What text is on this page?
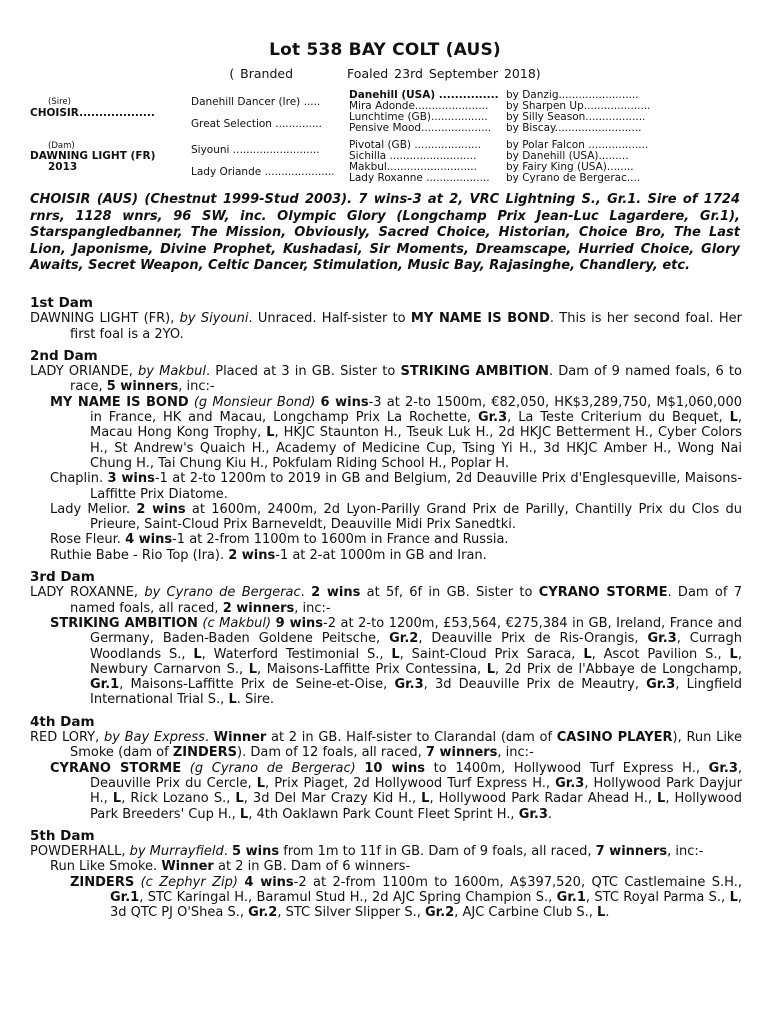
Lot 538 BAY COLT (AUS)
( Branded	Foaled 23rd September 2018)
(Sire)
CHOISIR...................
(Dam)
DAWNING LIGHT (FR)
2013
Danehill Dancer (Ire) .....
Great Selection ..............
Siyouni ..........................
Lady Oriande .....................
Danehill (USA) ...............
Mira Adonde......................
Lunchtime (GB).................
Pensive Mood.....................
Pivotal (GB) ....................
Sichilla ..........................
Makbul...........................
Lady Roxanne ...................
by Danzig........................
by Sharpen Up....................
by Silly Season..................
by Biscay..........................
by Polar Falcon ..................
by Danehill (USA).........
by Fairy King (USA)........
by Cyrano de Bergerac....
CHOISIR (AUS) (Chestnut 1999-Stud 2003). 7 wins-3 at 2, VRC Lightning S., Gr.1. Sire of 1724 rnrs, 1128 wnrs, 96 SW, inc. Olympic Glory (Longchamp Prix Jean-Luc Lagardere, Gr.1), Starspangledbanner, The Mission, Obviously, Sacred Choice, Historian, Choice Bro, The Last Lion, Japonisme, Divine Prophet, Kushadasi, Sir Moments, Dreamscape, Hurried Choice, Glory Awaits, Secret Weapon, Celtic Dancer, Stimulation, Music Bay, Rajasinghe, Chandlery, etc.
1st Dam

DAWNING LIGHT (FR), by Siyouni. Unraced. Half-sister to MY NAME IS BOND. This is her second foal. Her first foal is a 2YO.

2nd Dam

LADY ORIANDE, by Makbul. Placed at 3 in GB. Sister to STRIKING AMBITION. Dam of 9 named foals, 6 to race, 5 winners, inc:-

MY NAME IS BOND (g Monsieur Bond) 6 wins-3 at 2-to 1500m, €82,050, HK$3,289,750, M$1,060,000 in France, HK and Macau, Longchamp Prix La Rochette, Gr.3, La Teste Criterium du Bequet, L, Macau Hong Kong Trophy, L, HKJC Staunton H., Tseuk Luk H., 2d HKJC Betterment H., Cyber Colors H., St Andrew's Quaich H., Academy of Medicine Cup, Tsing Yi H., 3d HKJC Amber H., Wong Nai Chung H., Tai Chung Kiu H., Pokfulam Riding School H., Poplar H.

Chaplin. 3 wins-1 at 2-to 1200m to 2019 in GB and Belgium, 2d Deauville Prix d'Englesqueville, Maisons-Laffitte Prix Diatome.

Lady Melior. 2 wins at 1600m, 2400m, 2d Lyon-Parilly Grand Prix de Parilly, Chantilly Prix du Clos du Prieure, Saint-Cloud Prix Barneveldt, Deauville Midi Prix Sanedtki.

Rose Fleur. 4 wins-1 at 2-from 1100m to 1600m in France and Russia.

Ruthie Babe - Rio Top (Ira). 2 wins-1 at 2-at 1000m in GB and Iran.

3rd Dam

LADY ROXANNE, by Cyrano de Bergerac. 2 wins at 5f, 6f in GB. Sister to CYRANO STORME. Dam of 7 named foals, all raced, 2 winners, inc:-

STRIKING AMBITION (c Makbul) 9 wins-2 at 2-to 1200m, £53,564, €275,384 in GB, Ireland, France and Germany, Baden-Baden Goldene Peitsche, Gr.2, Deauville Prix de Ris-Orangis, Gr.3, Curragh Woodlands S., L, Waterford Testimonial S., L, Saint-Cloud Prix Saraca, L, Ascot Pavilion S., L, Newbury Carnarvon S., L, Maisons-Laffitte Prix Contessina, L, 2d Prix de l'Abbaye de Longchamp, Gr.1, Maisons-Laffitte Prix de Seine-et-Oise, Gr.3, 3d Deauville Prix de Meautry, Gr.3, Lingfield International Trial S., L. Sire.

4th Dam

RED LORY, by Bay Express. Winner at 2 in GB. Half-sister to Clarandal (dam of CASINO PLAYER), Run Like Smoke (dam of ZINDERS). Dam of 12 foals, all raced, 7 winners, inc:-

CYRANO STORME (g Cyrano de Bergerac) 10 wins to 1400m, Hollywood Turf Express H., Gr.3, Deauville Prix du Cercle, L, Prix Piaget, 2d Hollywood Turf Express H., Gr.3, Hollywood Park Dayjur H., L, Rick Lozano S., L, 3d Del Mar Crazy Kid H., L, Hollywood Park Radar Ahead H., L, Hollywood Park Breeders' Cup H., L, 4th Oaklawn Park Count Fleet Sprint H., Gr.3.

5th Dam

POWDERHALL, by Murrayfield. 5 wins from 1m to 11f in GB. Dam of 9 foals, all raced, 7 winners, inc:-

Run Like Smoke. Winner at 2 in GB. Dam of 6 winners-

ZINDERS (c Zephyr Zip) 4 wins-2 at 2-from 1100m to 1600m, A$397,520, QTC Castlemaine S.H., Gr.1, STC Karingal H., Baramul Stud H., 2d AJC Spring Champion S., Gr.1, STC Royal Parma S., L, 3d QTC PJ O'Shea S., Gr.2, STC Silver Slipper S., Gr.2, AJC Carbine Club S., L.
